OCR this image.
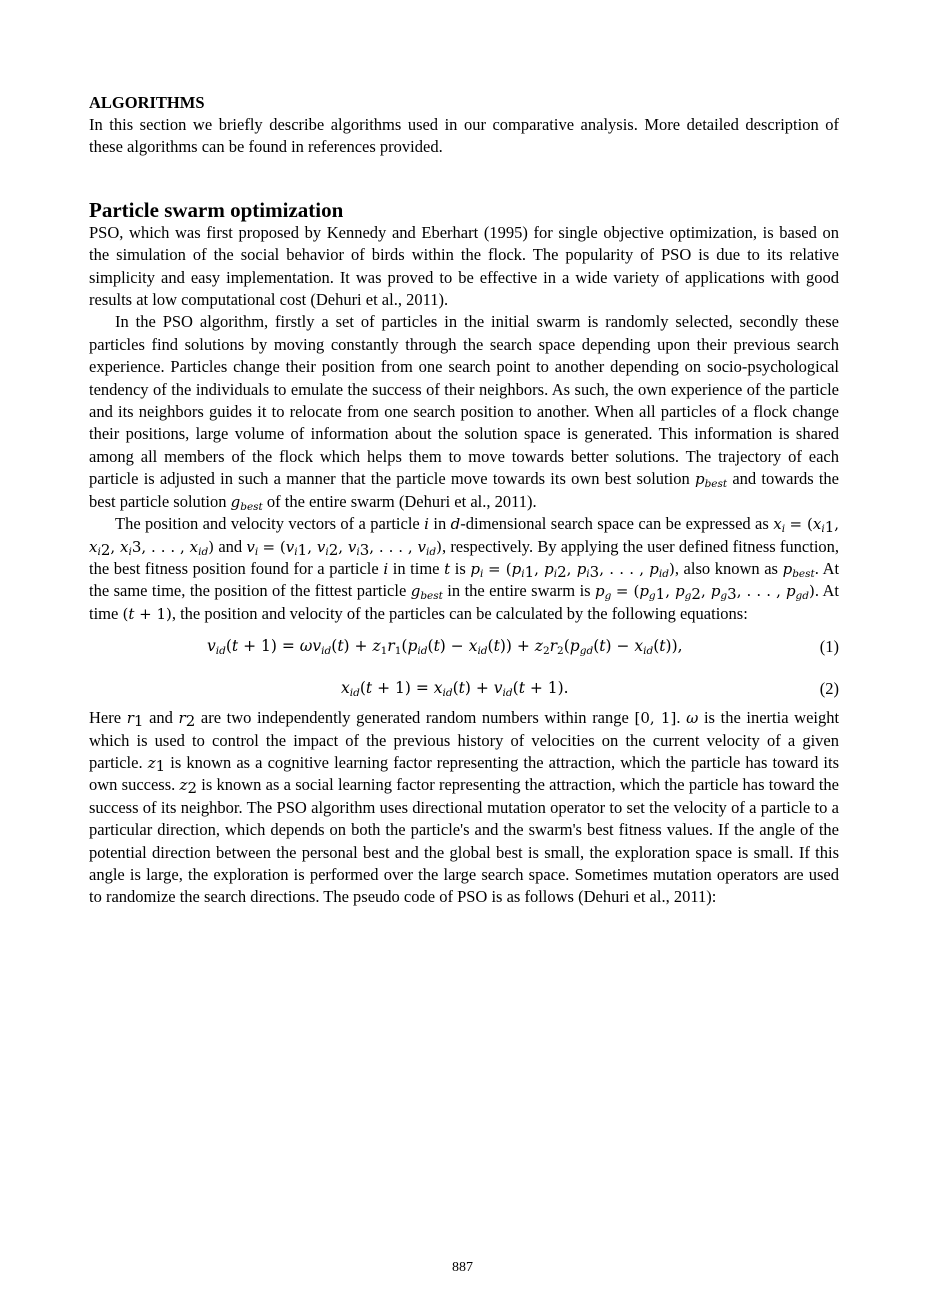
ALGORITHMS

In this section we briefly describe algorithms used in our comparative analysis. More detailed description of these algorithms can be found in references provided.

Particle swarm optimization

PSO, which was first proposed by Kennedy and Eberhart (1995) for single objective optimization, is based on the simulation of the social behavior of birds within the flock. The popularity of PSO is due to its relative simplicity and easy implementation. It was proved to be effective in a wide variety of applications with good results at low computational cost (Dehuri et al., 2011).

In the PSO algorithm, firstly a set of particles in the initial swarm is randomly selected, secondly these particles find solutions by moving constantly through the search space depending upon their previous search experience. Particles change their position from one search point to another depending on socio-psychological tendency of the individuals to emulate the success of their neighbors. As such, the own experience of the particle and its neighbors guides it to relocate from one search position to another. When all particles of a flock change their positions, large volume of information about the solution space is generated. This information is shared among all members of the flock which helps them to move towards better solutions. The trajectory of each particle is adjusted in such a manner that the particle move towards its own best solution $p_{best}$ and towards the best particle solution $g_{best}$ of the entire swarm (Dehuri et al., 2011).

The position and velocity vectors of a particle i in d-dimensional search space can be expressed as $x_i = (x_{i1}$, $x_{i2}$, $x_i3$, . . . , $x_{id}$) and $v_i = (v_{i1}$, $v_{i2}$, $v_{i3}$, . . . , $v_{id}$), respectively. By applying the user defined fitness function, the best fitness position found for a particle i in time t is $p_i = (p_{i1}$, $p_{i2}$, $p_{i3}$, . . . , $p_{id}$), also known as $p_{best}$. At the same time, the position of the fittest particle $g_{best}$ in the entire swarm is $p_g = (p_{g1}$, $p_{g2}$, $p_{g3}$, . . . , $p_{gd}$). At time (t + 1), the position and velocity of the particles can be calculated by the following equations:

$v_{id}(t + 1) = \omega v_{id}(t) + z_1r_1(p_{id}(t) - x_{id}(t)) + z_2r_2(p_{gd}(t) - x_{id}(t))$,	(1)
$x_{id}(t + 1) = x_{id}(t) + v_{id}(t + 1)$.	(2)

Here $r_1$ and $r_2$ are two independently generated random numbers within range [0, 1]. ω is the inertia weight which is used to control the impact of the previous history of velocities on the current velocity of a given particle. $z_1$ is known as a cognitive learning factor representing the attraction, which the particle has toward its own success. $z_2$ is known as a social learning factor representing the attraction, which the particle has toward the success of its neighbor. The PSO algorithm uses directional mutation operator to set the velocity of a particle to a particular direction, which depends on both the particle's and the swarm's best fitness values. If the angle of the potential direction between the personal best and the global best is small, the exploration space is small. If this angle is large, the exploration is performed over the large search space. Sometimes mutation operators are used to randomize the search directions. The pseudo code of PSO is as follows (Dehuri et al., 2011):

887
